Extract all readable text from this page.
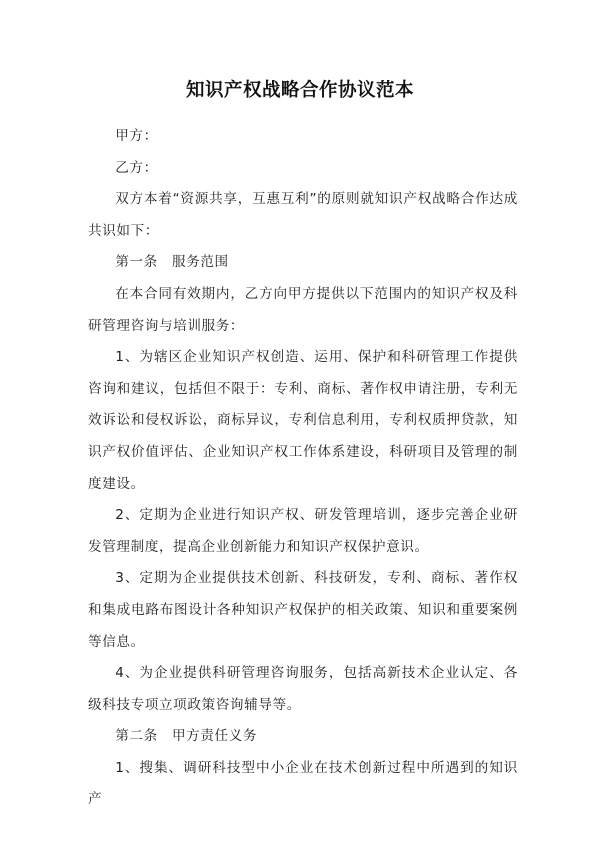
知识产权战略合作协议范本

甲方：

乙方：

双方本着“资源共享，互惠互利”的原则就知识产权战略合作达成共识如下：

第一条　服务范围

在本合同有效期内，乙方向甲方提供以下范围内的知识产权及科研管理咨询与培训服务：

1、为辖区企业知识产权创造、运用、保护和科研管理工作提供咨询和建议，包括但不限于：专利、商标、著作权申请注册，专利无效诉讼和侵权诉讼，商标异议，专利信息利用，专利权质押贷款，知识产权价值评估、企业知识产权工作体系建设，科研项目及管理的制度建设。

2、定期为企业进行知识产权、研发管理培训，逐步完善企业研发管理制度，提高企业创新能力和知识产权保护意识。

3、定期为企业提供技术创新、科技研发，专利、商标、著作权和集成电路布图设计各种知识产权保护的相关政策、知识和重要案例等信息。

4、为企业提供科研管理咨询服务，包括高新技术企业认定、各级科技专项立项政策咨询辅导等。

第二条　甲方责任义务

1、搜集、调研科技型中小企业在技术创新过程中所遇到的知识产
